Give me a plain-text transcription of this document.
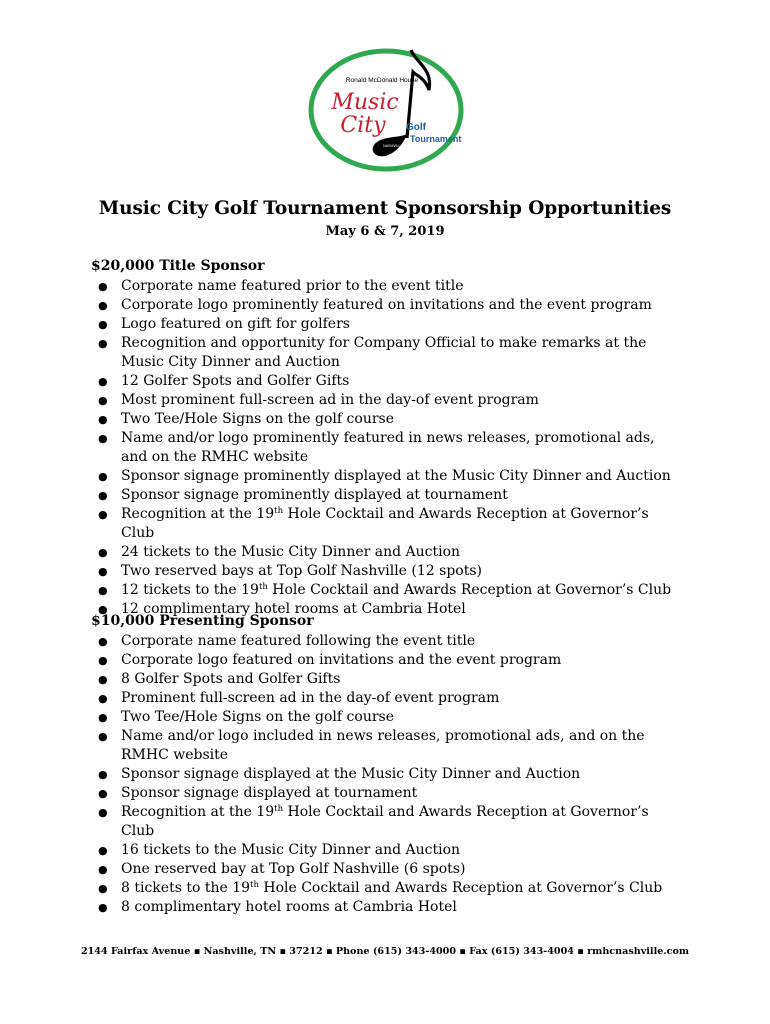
Ronald McDonald House
NASHVILLE
Music
City Golf
Tournament
Music City Golf Tournament Sponsorship Opportunities
May 6 & 7, 2019
$20,000 Title Sponsor
● Corporate name featured prior to the event title
● Corporate logo prominently featured on invitations and the event program
● Logo featured on gift for golfers
● Recognition and opportunity for Company Official to make remarks at the Music City Dinner and Auction
● 12 Golfer Spots and Golfer Gifts
● Most prominent full-screen ad in the day-of event program
● Two Tee/Hole Signs on the golf course
● Name and/or logo prominently featured in news releases, promotional ads, and on the RMHC website
● Sponsor signage prominently displayed at the Music City Dinner and Auction
● Sponsor signage prominently displayed at tournament
● Recognition at the 19th Hole Cocktail and Awards Reception at Governor’s Club
● 24 tickets to the Music City Dinner and Auction
● Two reserved bays at Top Golf Nashville (12 spots)
● 12 tickets to the 19th Hole Cocktail and Awards Reception at Governor’s Club
● 12 complimentary hotel rooms at Cambria Hotel
$10,000 Presenting Sponsor
● Corporate name featured following the event title
● Corporate logo featured on invitations and the event program
● 8 Golfer Spots and Golfer Gifts
● Prominent full-screen ad in the day-of event program
● Two Tee/Hole Signs on the golf course
● Name and/or logo included in news releases, promotional ads, and on the RMHC website
● Sponsor signage displayed at the Music City Dinner and Auction
● Sponsor signage displayed at tournament
● Recognition at the 19th Hole Cocktail and Awards Reception at Governor’s Club
● 16 tickets to the Music City Dinner and Auction
● One reserved bay at Top Golf Nashville (6 spots)
● 8 tickets to the 19th Hole Cocktail and Awards Reception at Governor’s Club
● 8 complimentary hotel rooms at Cambria Hotel
2144 Fairfax Avenue ▪ Nashville, TN ▪ 37212 ▪ Phone (615) 343-4000 ▪ Fax (615) 343-4004 ▪ rmhcnashville.com
